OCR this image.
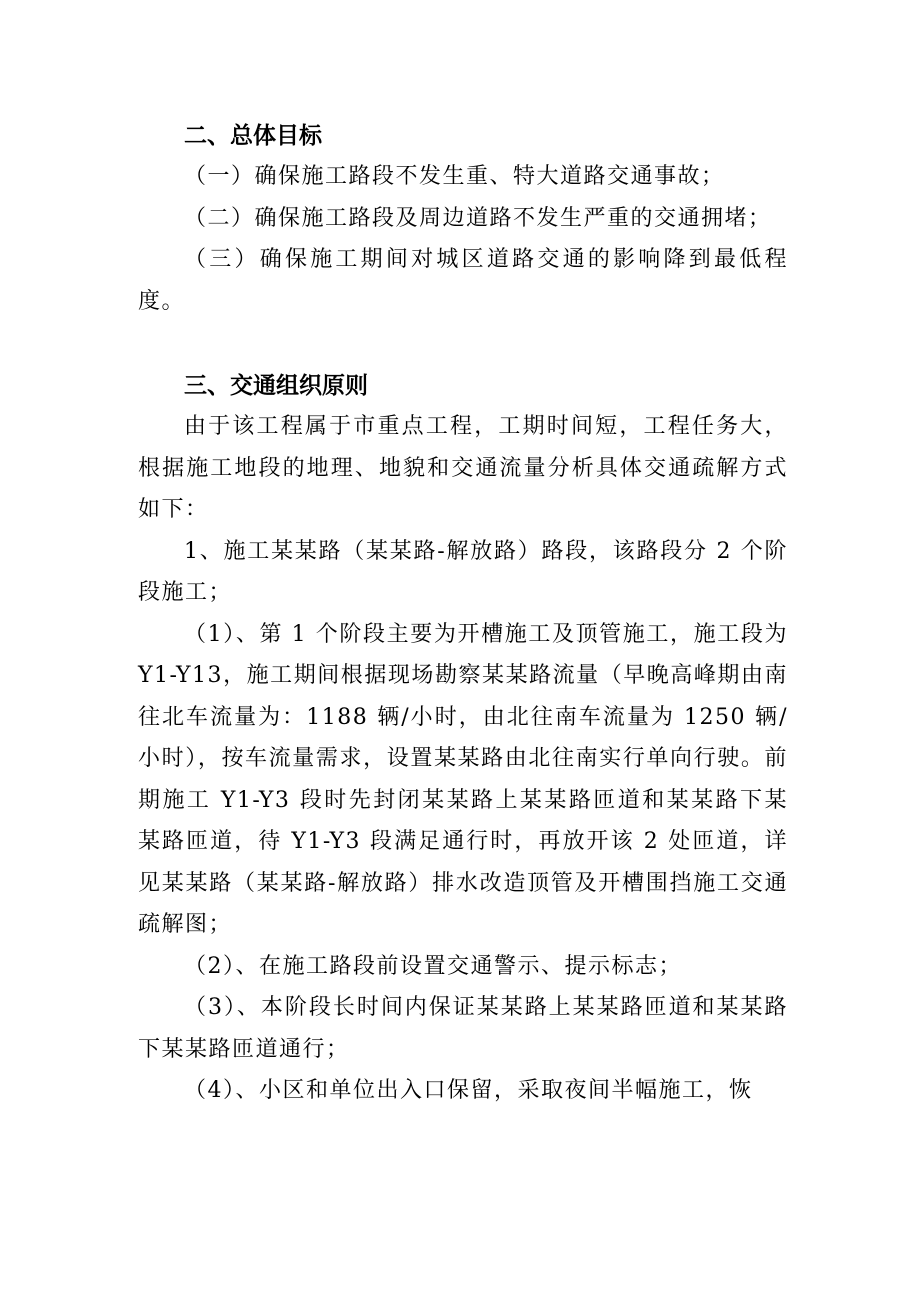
二、总体目标

（一）确保施工路段不发生重、特大道路交通事故；

（二）确保施工路段及周边道路不发生严重的交通拥堵；

（三）确保施工期间对城区道路交通的影响降到最低程度。

三、交通组织原则

由于该工程属于市重点工程，工期时间短，工程任务大，根据施工地段的地理、地貌和交通流量分析具体交通疏解方式如下：

1、施工某某路（某某路-解放路）路段，该路段分 2 个阶段施工；

（1）、第 1 个阶段主要为开槽施工及顶管施工，施工段为 Y1-Y13，施工期间根据现场勘察某某路流量（早晚高峰期由南往北车流量为：1188 辆/小时，由北往南车流量为 1250 辆/小时），按车流量需求，设置某某路由北往南实行单向行驶。前期施工 Y1-Y3 段时先封闭某某路上某某路匝道和某某路下某某路匝道，待 Y1-Y3 段满足通行时，再放开该 2 处匝道，详见某某路（某某路-解放路）排水改造顶管及开槽围挡施工交通疏解图；

（2）、在施工路段前设置交通警示、提示标志；

（3）、本阶段长时间内保证某某路上某某路匝道和某某路下某某路匝道通行；

（4）、小区和单位出入口保留，采取夜间半幅施工，恢
